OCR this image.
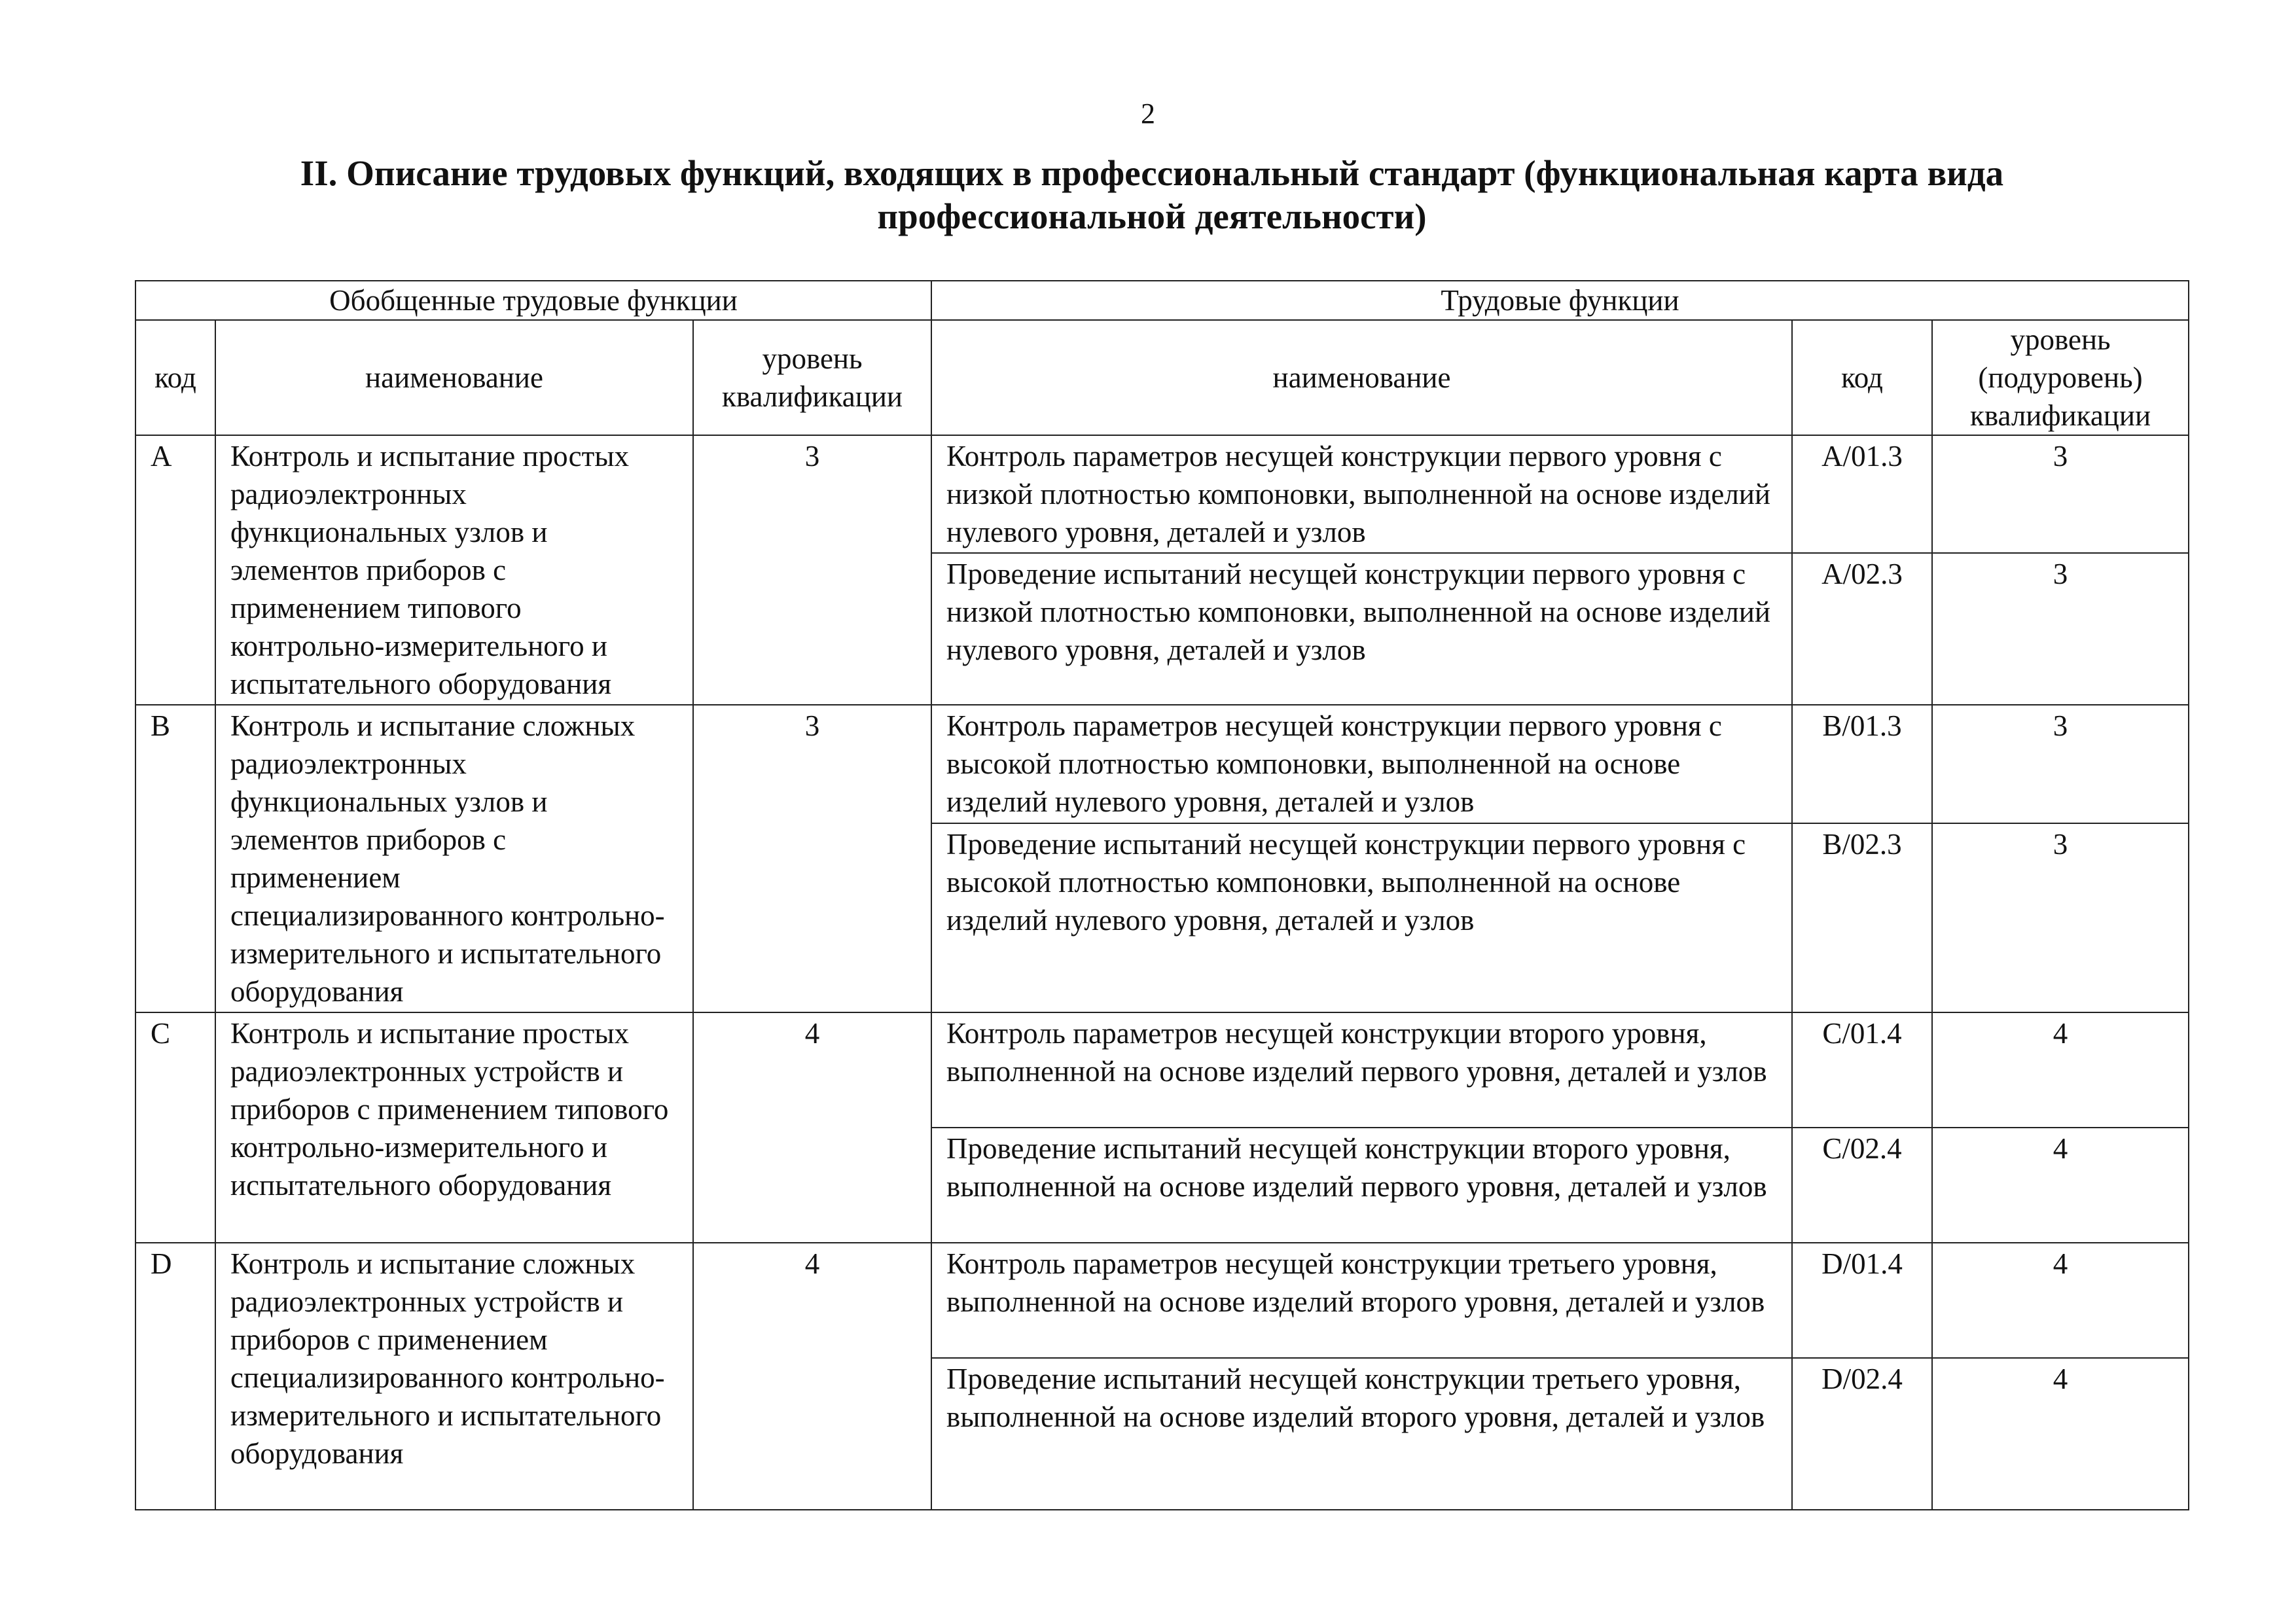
2
II. Описание трудовых функций, входящих в профессиональный стандарт (функциональная карта вида профессиональной деятельности)
Обобщенные трудовые функции			Трудовые функции		
код	наименование	уровень квалификации	наименование	код	уровень (подуровень) квалификации
A	Контроль и испытание простых радиоэлектронных функциональных узлов и элементов приборов с применением типового контрольно-измерительного и испытательного оборудования	3	Контроль параметров несущей конструкции первого уровня с низкой плотностью компоновки, выполненной на основе изделий нулевого уровня, деталей и узлов	A/01.3	3
			Проведение испытаний несущей конструкции первого уровня с низкой плотностью компоновки, выполненной на основе изделий нулевого уровня, деталей и узлов	A/02.3	3
B	Контроль и испытание сложных радиоэлектронных функциональных узлов и элементов приборов с применением специализированного контрольно-измерительного и испытательного оборудования	3	Контроль параметров несущей конструкции первого уровня с высокой плотностью компоновки, выполненной на основе изделий нулевого уровня, деталей и узлов	B/01.3	3
			Проведение испытаний несущей конструкции первого уровня с высокой плотностью компоновки, выполненной на основе изделий нулевого уровня, деталей и узлов	B/02.3	3
C	Контроль и испытание простых радиоэлектронных устройств и приборов с применением типового контрольно-измерительного и испытательного оборудования	4	Контроль параметров несущей конструкции второго уровня, выполненной на основе изделий первого уровня, деталей и узлов	C/01.4	4
			Проведение испытаний несущей конструкции второго уровня, выполненной на основе изделий первого уровня, деталей и узлов	C/02.4	4
D	Контроль и испытание сложных радиоэлектронных устройств и приборов с применением специализированного контрольно-измерительного и испытательного оборудования	4	Контроль параметров несущей конструкции третьего уровня, выполненной на основе изделий второго уровня, деталей и узлов	D/01.4	4
			Проведение испытаний несущей конструкции третьего уровня, выполненной на основе изделий второго уровня, деталей и узлов	D/02.4	4
